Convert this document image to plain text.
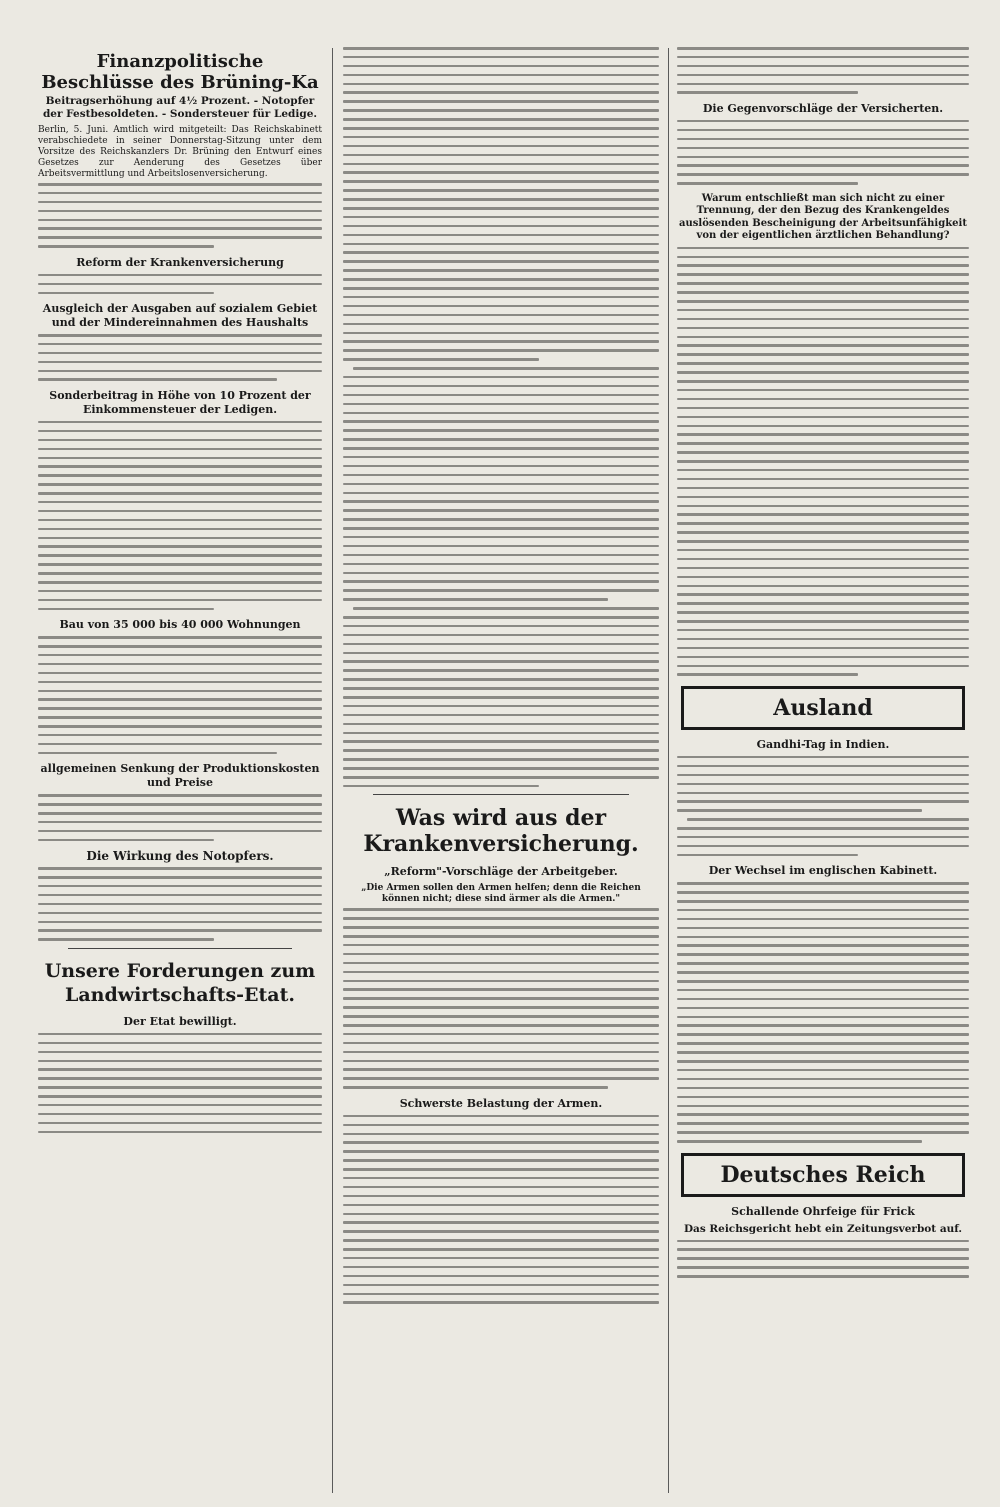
Finanzpolitische Beschlüsse des Brüning-Ka
Beitragserhöhung auf 4½ Prozent. - Notopfer der Festbesoldeten. - Sondersteuer für Ledige.
Berlin, 5. Juni. Amtlich wird mitgeteilt: Das Reichskabinett verabschiedete in seiner Donnerstag-Sitzung unter dem Vorsitze des Reichskanzlers Dr. Brüning den Entwurf eines Gesetzes zur Aenderung des Gesetzes über Arbeitsvermittlung und Arbeitslosenversicherung.
Reform der Krankenversicherung
Ausgleich der Ausgaben auf sozialem Gebiet und der Mindereinnahmen des Haushalts
Sonderbeitrag in Höhe von 10 Prozent der Einkommensteuer der Ledigen.
Bau von 35 000 bis 40 000 Wohnungen
allgemeinen Senkung der Produktionskosten und Preise
Die Wirkung des Notopfers.
Unsere Forderungen zum Landwirtschafts-Etat.
Der Etat bewilligt.
Was wird aus der Krankenversicherung.
„Reform"-Vorschläge der Arbeitgeber.
„Die Armen sollen den Armen helfen; denn die Reichen können nicht; diese sind ärmer als die Armen."
Schwerste Belastung der Armen.
Die Gegenvorschläge der Versicherten.
Warum entschließt man sich nicht zu einer Trennung, der den Bezug des Krankengeldes auslösenden Bescheinigung der Arbeitsunfähigkeit von der eigentlichen ärztlichen Behandlung?
Ausland
Gandhi-Tag in Indien.
Der Wechsel im englischen Kabinett.
Deutsches Reich
Schallende Ohrfeige für Frick
Das Reichsgericht hebt ein Zeitungsverbot auf.
